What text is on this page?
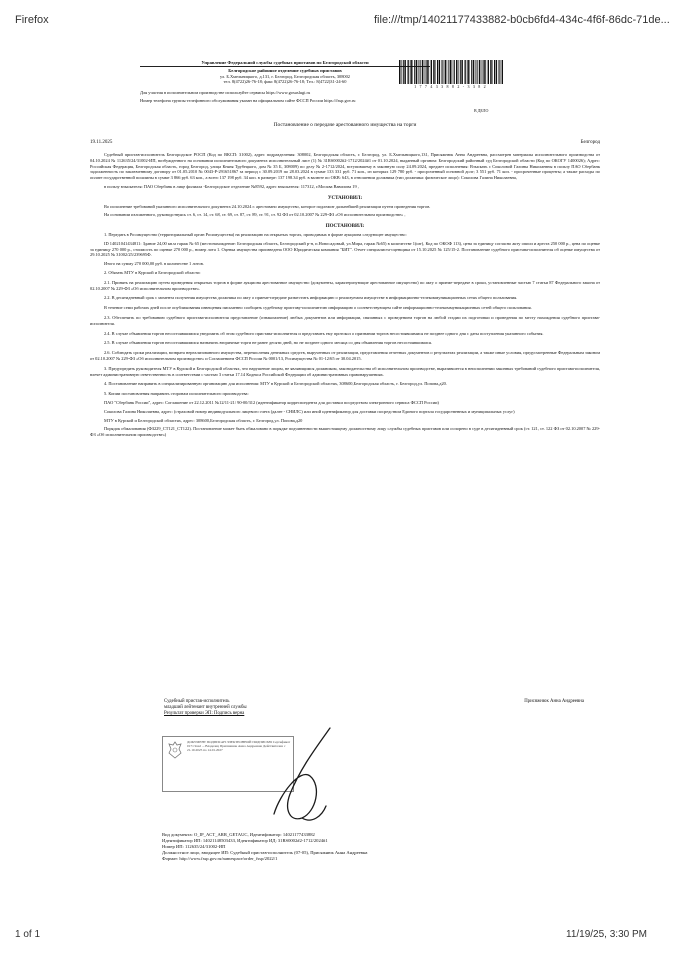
Firefox	file:///tmp/14021177433882-b0cb6fd4-434c-4f6f-86dc-71de...
Управление Федеральной службы судебных приставов по Белгородской области
Белгородское районное отделение судебных приставов
ул. Б.Хмельницкого, д.131, г. Белгород, Белгородская область, 308002
тел. 8(4722)26-76-18; факс 8(4722)26-76-18; Тел.: 8(4722)31-24-60
1 7 7 4 3 3 8 8 2 - 3 3 8 2
Для участия в исполнительном производстве используйте сервисы https://www.gosuslugi.ru
Номер телефона группы телефонного обслуживания указан на официальном сайте ФССП России https://fssp.gov.ru
В ДЕЛО
Постановление о передаче арестованного имущества на торги
19.11.2025	Белгород

Судебный пристав-исполнитель Белгородское РОСП (Код по ВКСП: 31002), адрес подразделения: 308002, Белгородская область, г. Белгород, ул. Б.Хмельницкого,131, Присяжнюк Анна Андреевна, рассмотрев материалы исполнительного производства от 04.10.2024 № 112635/24/31002-ИП, возбужденного на основании исполнительного документа исполнительный лист (1) № 31RS0002#2-1712/2024#1 от 01.10.2024, выданный органом: Белгородский районный суд Белгородской области (Код по ОКОГУ 1400026); Адрес: Российская Федерация, Белгородская область, город Белгород, улица Князя Трубецкого, дом № 35 Б, 308009) по делу № 2-1712/2024, вступившему в законную силу 24.09.2024, предмет исполнения: Взыскать с Соколовой Галины Николаевны в пользу ПАО Сбербанк задолженность по заключенному договору от 01.05.2010 № 0043-Р-291651867 за период с 30.09.2019 по 28.03.2024 в сумме 133 331 руб. 71 коп., из которых 129 780 руб. - просроченный основной долг; 3 551 руб. 71 коп. - просроченные проценты; а также расходы по оплате государственной пошлины в сумме 3 866 руб. 63 коп., а всего 137 198 руб. 34 коп. в размере: 137 198.34 руб. в валюте по ОКВ: 643, в отношении должника (тип должника: физическое лицо): Соколова Галина Николаевна,

в пользу взыскателя: ПАО Сбербанк в лице филиала -Белгородское отделение №8592, адрес взыскателя: 117312, г.Москва Вавилова 19 ,

УСТАНОВИЛ:

Во исполнение требований указанного исполнительного документа 24.10.2024 г. арестовано имущество, которое подлежит дальнейшей реализации путем проведения торгов.

На основании изложенного, руководствуясь ст. 6, ст. 14, ст. 68, ст. 69, ст. 87, ст. 89, ст. 91, ст. 92 ФЗ от 02.10.2007 № 229-ФЗ «Об исполнительном производстве» ,

ПОСТАНОВИЛ:

1. Передать в Росимущество (территориальный орган Росимущества) на реализацию на открытых торгах, проводимых в форме аукциона следующее имущество:

ID 14021041434811: Здание 24,00 кв.м гараж № 65 (местонахождение: Белгородская область, Белгородский р-н, п.Новосадовый, ул.Мира, гараж №65) в количестве 1(шт), Код по ОКОФ 113), цена за единицу согласно акту описи и ареста 250 000 р., цена по оценке за единицу 270 000 р., стоимость по оценке 270 000 р., номер лота 1. Оценка имущества произведена ООО Юридическая компания "БИТ". Отчет специалиста-оценщика от 15.10.2025 № 125/15-2. Постановление судебного пристава-исполнителя об оценке имущества от 29.10.2025 № 31002/25/239695Ф.

Итого на сумму 270 000,00 руб. в количестве 1 лотов.

2. Обязать МТУ в Курской и Белгородской области:

2.1. Принять на реализацию путем проведения открытых торгов в форме аукциона арестованное имущество (документы, характеризующие арестованное имущество) по акту о приеме-передаче в сроки, установленные частью 7 статьи 87 Федерального закона от 02.10.2007 № 229-ФЗ «Об исполнительном производстве».

2.2. В десятидневный срок с момента получения имущества должника по акту о приеме-передаче разместить информацию о реализуемом имуществе в информационно-телекоммуникационных сетях общего пользования.

В течение семи рабочих дней после опубликования извещения письменно сообщить судебному приставу-исполнителю информацию о соответствующем сайте информационно-телекоммуникационных сетей общего пользования.

2.3. Обеспечить по требованию судебного пристава-исполнителя представление (ознакомление) любых документов или информации, связанных с проведением торгов на любой стадии их подготовки и проведения по месту нахождения судебного пристава-исполнителя.

2.4. В случае объявления торгов несостоявшимися уведомить об этом судебного пристава-исполнителя и представить ему протокол о признании торгов несостоявшимися не позднее одного дня с даты поступления указанного события.

2.5. В случае объявления торгов несостоявшимися назначить вторичные торги не ранее десяти дней, но не позднее одного месяца со дня объявления торгов несостоявшимися.

2.6. Соблюдать сроки реализации, возврата нереализованного имущества, перечисления денежных средств, вырученных от реализации, представления отчетных документов о результатах реализации, а также иные условия, предусмотренные Федеральным законом от 02.10.2007 № 229-ФЗ «Об исполнительном производстве» и Соглашением ФССП России № 0001/13, Росимущества № 01-12/65 от 30.04.2015.

3. Предупредить руководителя МТУ в Курской и Белгородской областях, что нарушение лицом, не являющимся должником, законодательства об исполнительном производстве, выразившееся в неисполнении законных требований судебного пристава-исполнителя, влечет административную ответственность в соответствии с частью 3 статьи 17.14 Кодекса Российской Федерации об административных правонарушениях.

4. Постановление направить в специализированную организацию для исполнения: МТУ в Курской и Белгородской областях, 308600,Белгородская область, г. Белгород,ул. Попова,д20.

5. Копии постановления направить сторонам исполнительного производства:

ПАО "Сбербанк России", адрес: Соглашение от 22.12.2011 №12/11-21/ 90-00/312 (идентификатор корреспондента для доставки посредством электронного сервиса ФССП России)

Соколова Галина Николаевна, адрес: (страховой номер индивидуального лицевого счета (далее - СНИЛС) или иной идентификатор для доставки посредством Единого портала государственных и муниципальных услуг)

МТУ в Курской и Белгородской областях, адрес: 308600,Белгородская область, г. Белгород,ул. Попова,д20

Порядок обжалования (ФЗ229_СТ121_СТ122). Постановление может быть обжаловано в порядке подчиненности вышестоящему должностному лицу службы судебных приставов или оспорено в суде в десятидневный срок (ст. 121, ст. 122 ФЗ от 02.10.2007 № 229-ФЗ «Об исполнительном производстве»)

Судебный пристав-исполнитель	Присяжнюк Анна Андреевна
младший лейтенант внутренней службы
Результат проверки ЭП: Подпись верна
ДОКУМЕНТ ПОДПИСАН ЭЛЕКТРОННОЙ ПОДПИСЬЮ Сертификат 0171 9aa2 ... Владелец Присяжнюк Анна Андреевна Действителен с 21.10.2025 по 14.01.2027
Вид документа: O_IP_ACT_ARR_GETAUC, Идентификатор: 14021177433882
Идентификатор ИП: 14021148503433, Идентификатор ИД: 31RS0002#2-1712/2024#1
Номер ИП: 112635/24/31002-ИП
Должностное лицо, вводящее ИП: Судебный пристав-исполнитель (07-05), Присяжнюк Анна Андреевна
Формат: http://www.fssp.gov.ru/namespace/order_fssp/2022/1
1 of 1	11/19/25, 3:30 PM
